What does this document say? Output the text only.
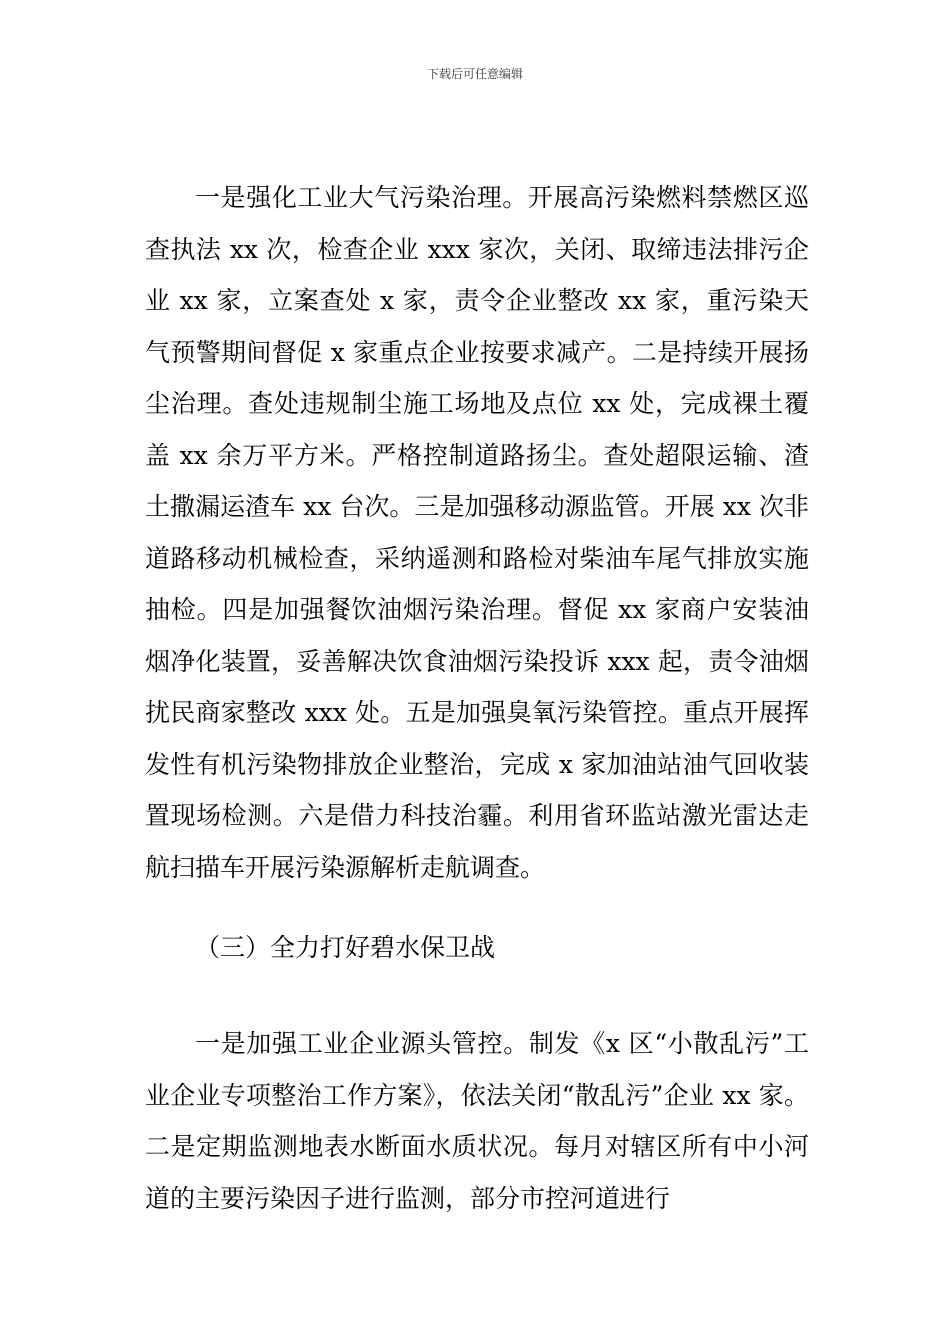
下载后可任意编辑

一是强化工业大气污染治理。开展高污染燃料禁燃区巡查执法 xx 次，检查企业 xxx 家次，关闭、取缔违法排污企业 xx 家，立案查处 x 家，责令企业整改 xx 家，重污染天气预警期间督促 x 家重点企业按要求减产。二是持续开展扬尘治理。查处违规制尘施工场地及点位 xx 处，完成裸土覆盖 xx 余万平方米。严格控制道路扬尘。查处超限运输、渣土撒漏运渣车 xx 台次。三是加强移动源监管。开展 xx 次非道路移动机械检查，采纳遥测和路检对柴油车尾气排放实施抽检。四是加强餐饮油烟污染治理。督促 xx 家商户安装油烟净化装置，妥善解决饮食油烟污染投诉 xxx 起，责令油烟扰民商家整改 xxx 处。五是加强臭氧污染管控。重点开展挥发性有机污染物排放企业整治，完成 x 家加油站油气回收装置现场检测。六是借力科技治霾。利用省环监站激光雷达走航扫描车开展污染源解析走航调查。

（三）全力打好碧水保卫战

一是加强工业企业源头管控。制发《x 区“小散乱污”工业企业专项整治工作方案》，依法关闭“散乱污”企业 xx 家。二是定期监测地表水断面水质状况。每月对辖区所有中小河道的主要污染因子进行监测，部分市控河道进行
